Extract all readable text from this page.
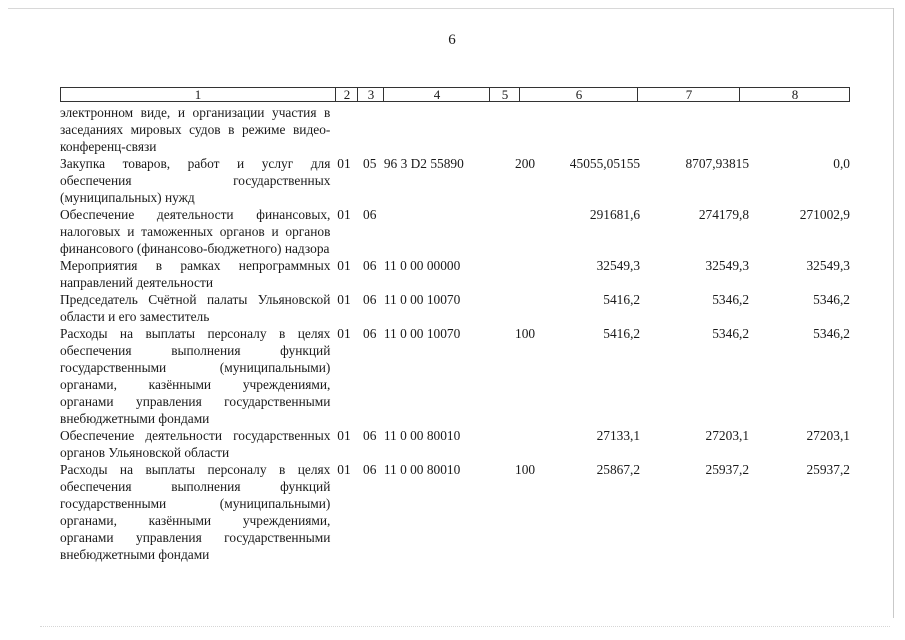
6
1	2	3	4	5	6	7	8
электронном виде, и организации участия в заседаниях мировых судов в режиме видео-конференц-связи							
Закупка товаров, работ и услуг для обеспечения государственных (муниципальных) нужд	01	05	96 3 D2 55890	200	45055,05155	8707,93815	0,0
Обеспечение деятельности финансовых, налоговых и таможенных органов и органов финансового (финансово-бюджетного) надзора	01	06			291681,6	274179,8	271002,9
Мероприятия в рамках непрограммных направлений деятельности	01	06	11 0 00 00000		32549,3	32549,3	32549,3
Председатель Счётной палаты Ульяновской области и его заместитель	01	06	11 0 00 10070		5416,2	5346,2	5346,2
Расходы на выплаты персоналу в целях обеспечения выполнения функций государственными (муниципальными) органами, казёнными учреждениями, органами управления государственными внебюджетными фондами	01	06	11 0 00 10070	100	5416,2	5346,2	5346,2
Обеспечение деятельности государственных органов Ульяновской области	01	06	11 0 00 80010		27133,1	27203,1	27203,1
Расходы на выплаты персоналу в целях обеспечения выполнения функций государственными (муниципальными) органами, казёнными учреждениями, органами управления государственными внебюджетными фондами	01	06	11 0 00 80010	100	25867,2	25937,2	25937,2
